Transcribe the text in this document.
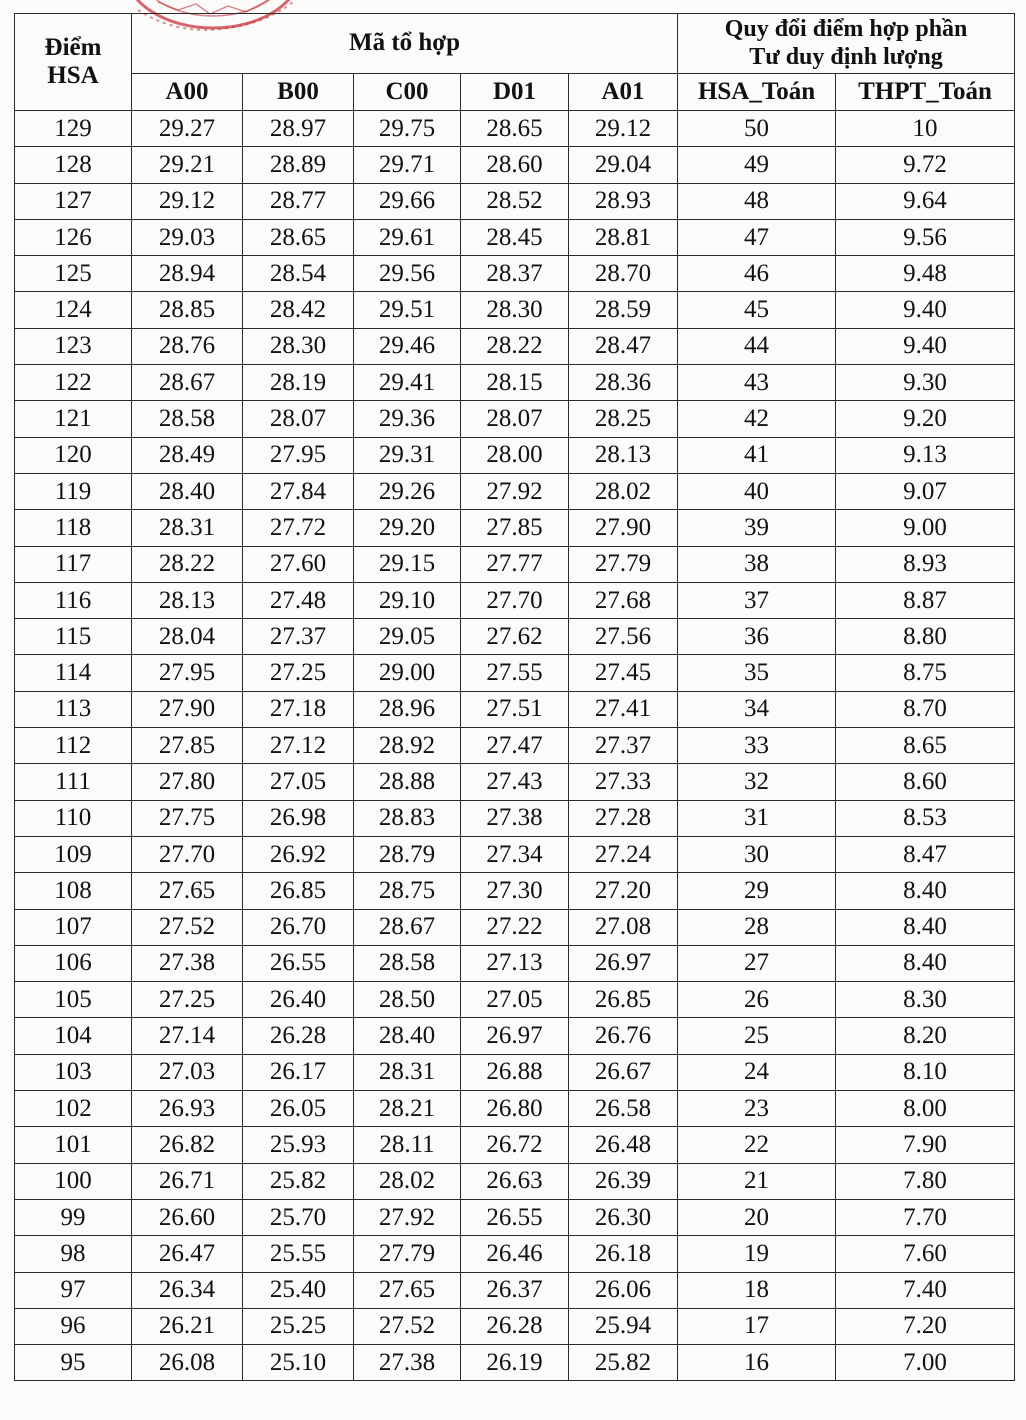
Điểm
HSA	Mã tổ hợp					Quy đổi điểm hợp phần
Tư duy định lượng	

	A00	B00	C00	D01	A01	HSA_Toán	THPT_Toán
129	29.27	28.97	29.75	28.65	29.12	50	10
128	29.21	28.89	29.71	28.60	29.04	49	9.72
127	29.12	28.77	29.66	28.52	28.93	48	9.64
126	29.03	28.65	29.61	28.45	28.81	47	9.56
125	28.94	28.54	29.56	28.37	28.70	46	9.48
124	28.85	28.42	29.51	28.30	28.59	45	9.40
123	28.76	28.30	29.46	28.22	28.47	44	9.40
122	28.67	28.19	29.41	28.15	28.36	43	9.30
121	28.58	28.07	29.36	28.07	28.25	42	9.20
120	28.49	27.95	29.31	28.00	28.13	41	9.13
119	28.40	27.84	29.26	27.92	28.02	40	9.07
118	28.31	27.72	29.20	27.85	27.90	39	9.00
117	28.22	27.60	29.15	27.77	27.79	38	8.93
116	28.13	27.48	29.10	27.70	27.68	37	8.87
115	28.04	27.37	29.05	27.62	27.56	36	8.80
114	27.95	27.25	29.00	27.55	27.45	35	8.75
113	27.90	27.18	28.96	27.51	27.41	34	8.70
112	27.85	27.12	28.92	27.47	27.37	33	8.65
111	27.80	27.05	28.88	27.43	27.33	32	8.60
110	27.75	26.98	28.83	27.38	27.28	31	8.53
109	27.70	26.92	28.79	27.34	27.24	30	8.47
108	27.65	26.85	28.75	27.30	27.20	29	8.40
107	27.52	26.70	28.67	27.22	27.08	28	8.40
106	27.38	26.55	28.58	27.13	26.97	27	8.40
105	27.25	26.40	28.50	27.05	26.85	26	8.30
104	27.14	26.28	28.40	26.97	26.76	25	8.20
103	27.03	26.17	28.31	26.88	26.67	24	8.10
102	26.93	26.05	28.21	26.80	26.58	23	8.00
101	26.82	25.93	28.11	26.72	26.48	22	7.90
100	26.71	25.82	28.02	26.63	26.39	21	7.80
99	26.60	25.70	27.92	26.55	26.30	20	7.70
98	26.47	25.55	27.79	26.46	26.18	19	7.60
97	26.34	25.40	27.65	26.37	26.06	18	7.40
96	26.21	25.25	27.52	26.28	25.94	17	7.20
95	26.08	25.10	27.38	26.19	25.82	16	7.00
